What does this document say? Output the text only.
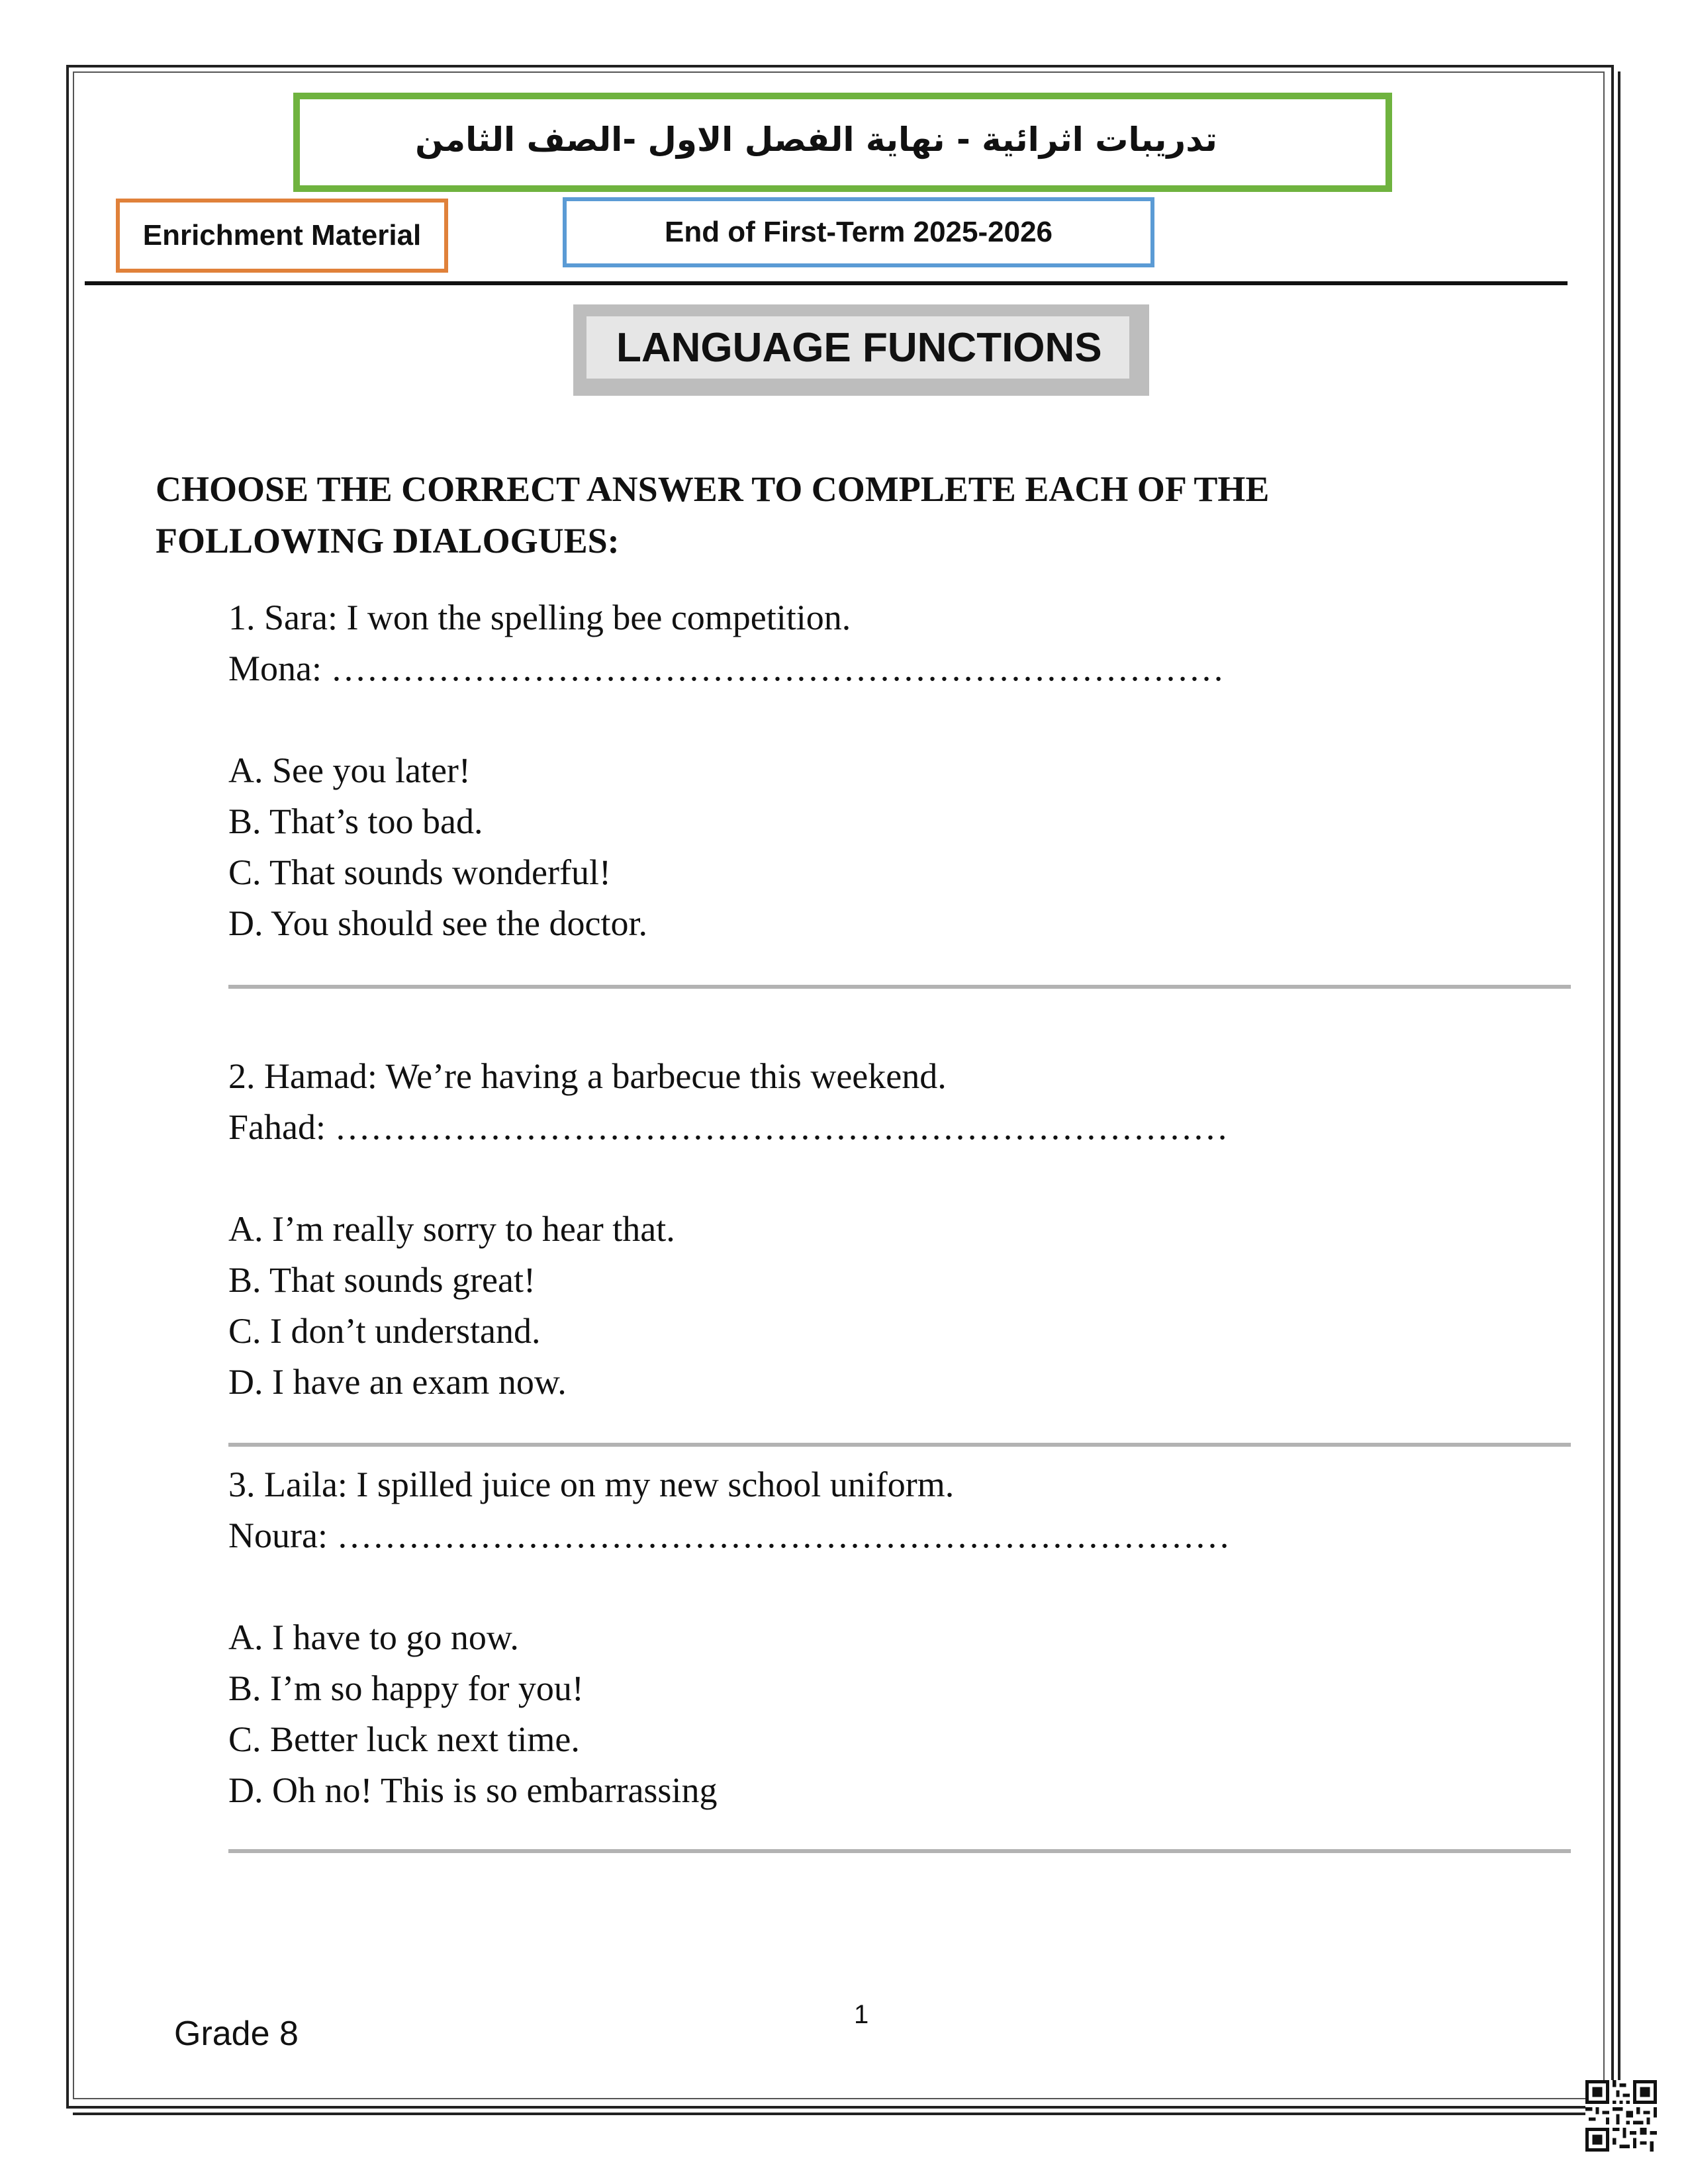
تدريبات اثرائية - نهاية الفصل الاول -الصف الثامن
Enrichment Material	End of First-Term 2025-2026
LANGUAGE FUNCTIONS
CHOOSE THE CORRECT ANSWER TO COMPLETE EACH OF THE
FOLLOWING DIALOGUES:
1. Sara: I won the spelling bee competition.
Mona: …………………………………………………………………
A. See you later!
B. That’s too bad.
C. That sounds wonderful!
D. You should see the doctor.
2. Hamad: We’re having a barbecue this weekend.
Fahad: …………………………………………………………………
A. I’m really sorry to hear that.
B. That sounds great!
C. I don’t understand.
D. I have an exam now.
3. Laila: I spilled juice on my new school uniform.
Noura: …………………………………………………………………
A. I have to go now.
B. I’m so happy for you!
C. Better luck next time.
D. Oh no! This is so embarrassing
1
Grade 8
